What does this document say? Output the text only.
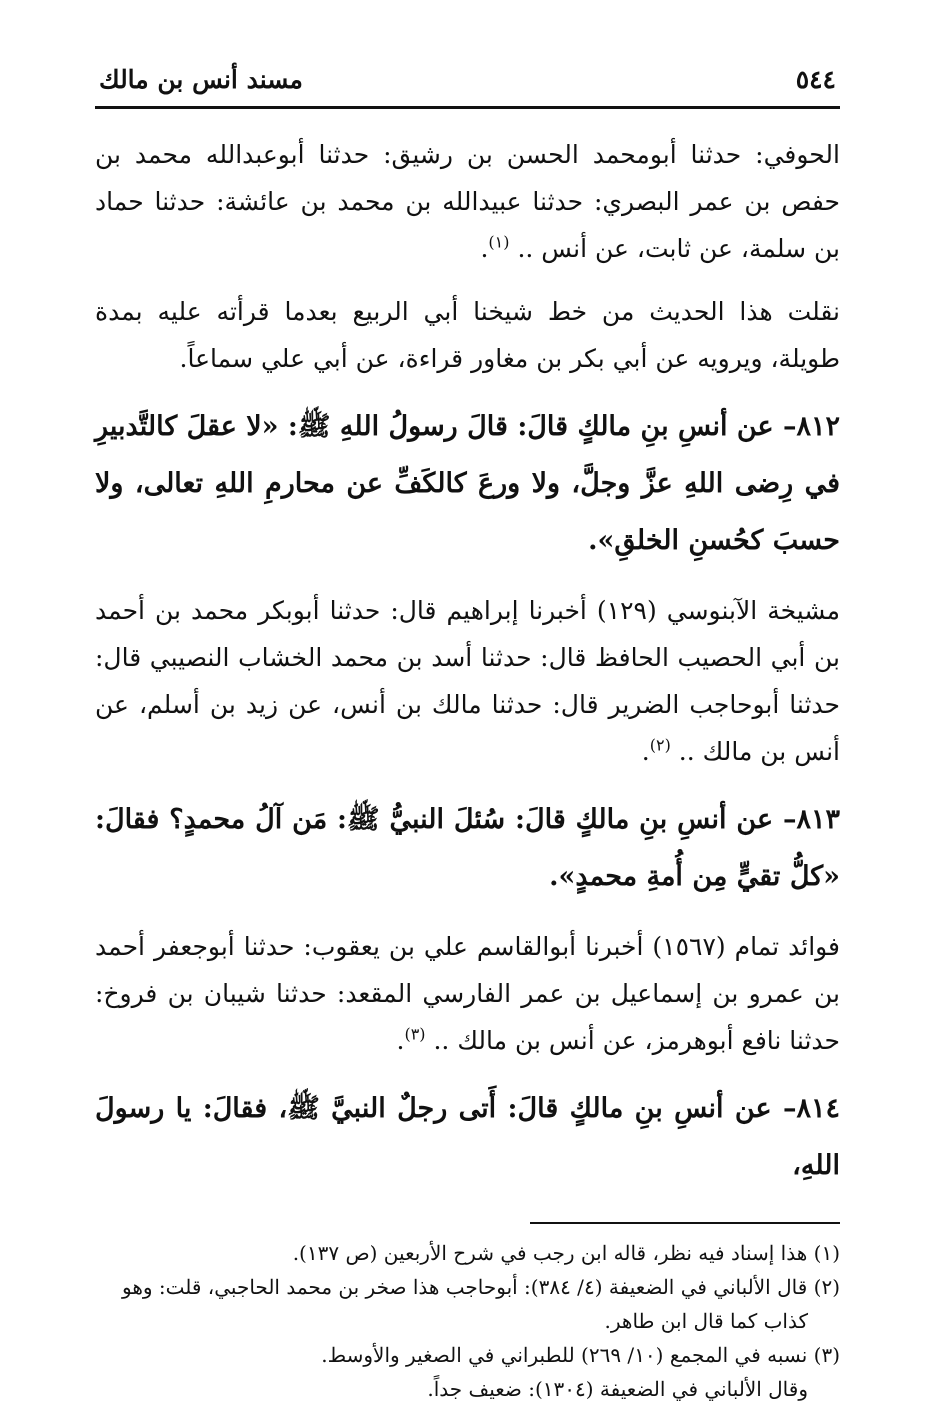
٥٤٤
مسند أنس بن مالك

الحوفي: حدثنا أبومحمد الحسن بن رشيق: حدثنا أبوعبدالله محمد بن حفص بن عمر البصري: حدثنا عبيدالله بن محمد بن عائشة: حدثنا حماد بن سلمة، عن ثابت، عن أنس .. $^{(١)}$.

نقلت هذا الحديث من خط شيخنا أبي الربيع بعدما قرأته عليه بمدة طويلة، ويرويه عن أبي بكر بن مغاور قراءة، عن أبي علي سماعاً.

٨١٢– عن أنسِ بنِ مالكٍ قالَ: قالَ رسولُ اللهِ ﷺ: «لا عقلَ كالتَّدبيرِ في رِضى اللهِ عزَّ وجلَّ، ولا ورعَ كالكَفِّ عن محارمِ اللهِ تعالى، ولا حسبَ كحُسنِ الخلقِ».

مشيخة الآبنوسي (١٢٩) أخبرنا إبراهيم قال: حدثنا أبوبكر محمد بن أحمد بن أبي الحصيب الحافظ قال: حدثنا أسد بن محمد الخشاب النصيبي قال: حدثنا أبوحاجب الضرير قال: حدثنا مالك بن أنس، عن زيد بن أسلم، عن أنس بن مالك .. $^{(٢)}$.

٨١٣– عن أنسِ بنِ مالكٍ قالَ: سُئلَ النبيُّ ﷺ: مَن آلُ محمدٍ؟ فقالَ: «كلُّ تقيٍّ مِن أُمةِ محمدٍ».

فوائد تمام (١٥٦٧) أخبرنا أبوالقاسم علي بن يعقوب: حدثنا أبوجعفر أحمد بن عمرو بن إسماعيل بن عمر الفارسي المقعد: حدثنا شيبان بن فروخ: حدثنا نافع أبوهرمز، عن أنس بن مالك .. $^{(٣)}$.

٨١٤– عن أنسِ بنِ مالكٍ قالَ: أَتى رجلٌ النبيَّ ﷺ، فقالَ: يا رسولَ اللهِ،

(١) هذا إسناد فيه نظر، قاله ابن رجب في شرح الأربعين (ص ١٣٧).

(٢) قال الألباني في الضعيفة (٤/ ٣٨٤): أبوحاجب هذا صخر بن محمد الحاجبي، قلت: وهو
كذاب كما قال ابن طاهر.

(٣) نسبه في المجمع (١٠/ ٢٦٩) للطبراني في الصغير والأوسط.
وقال الألباني في الضعيفة (١٣٠٤): ضعيف جداً.
